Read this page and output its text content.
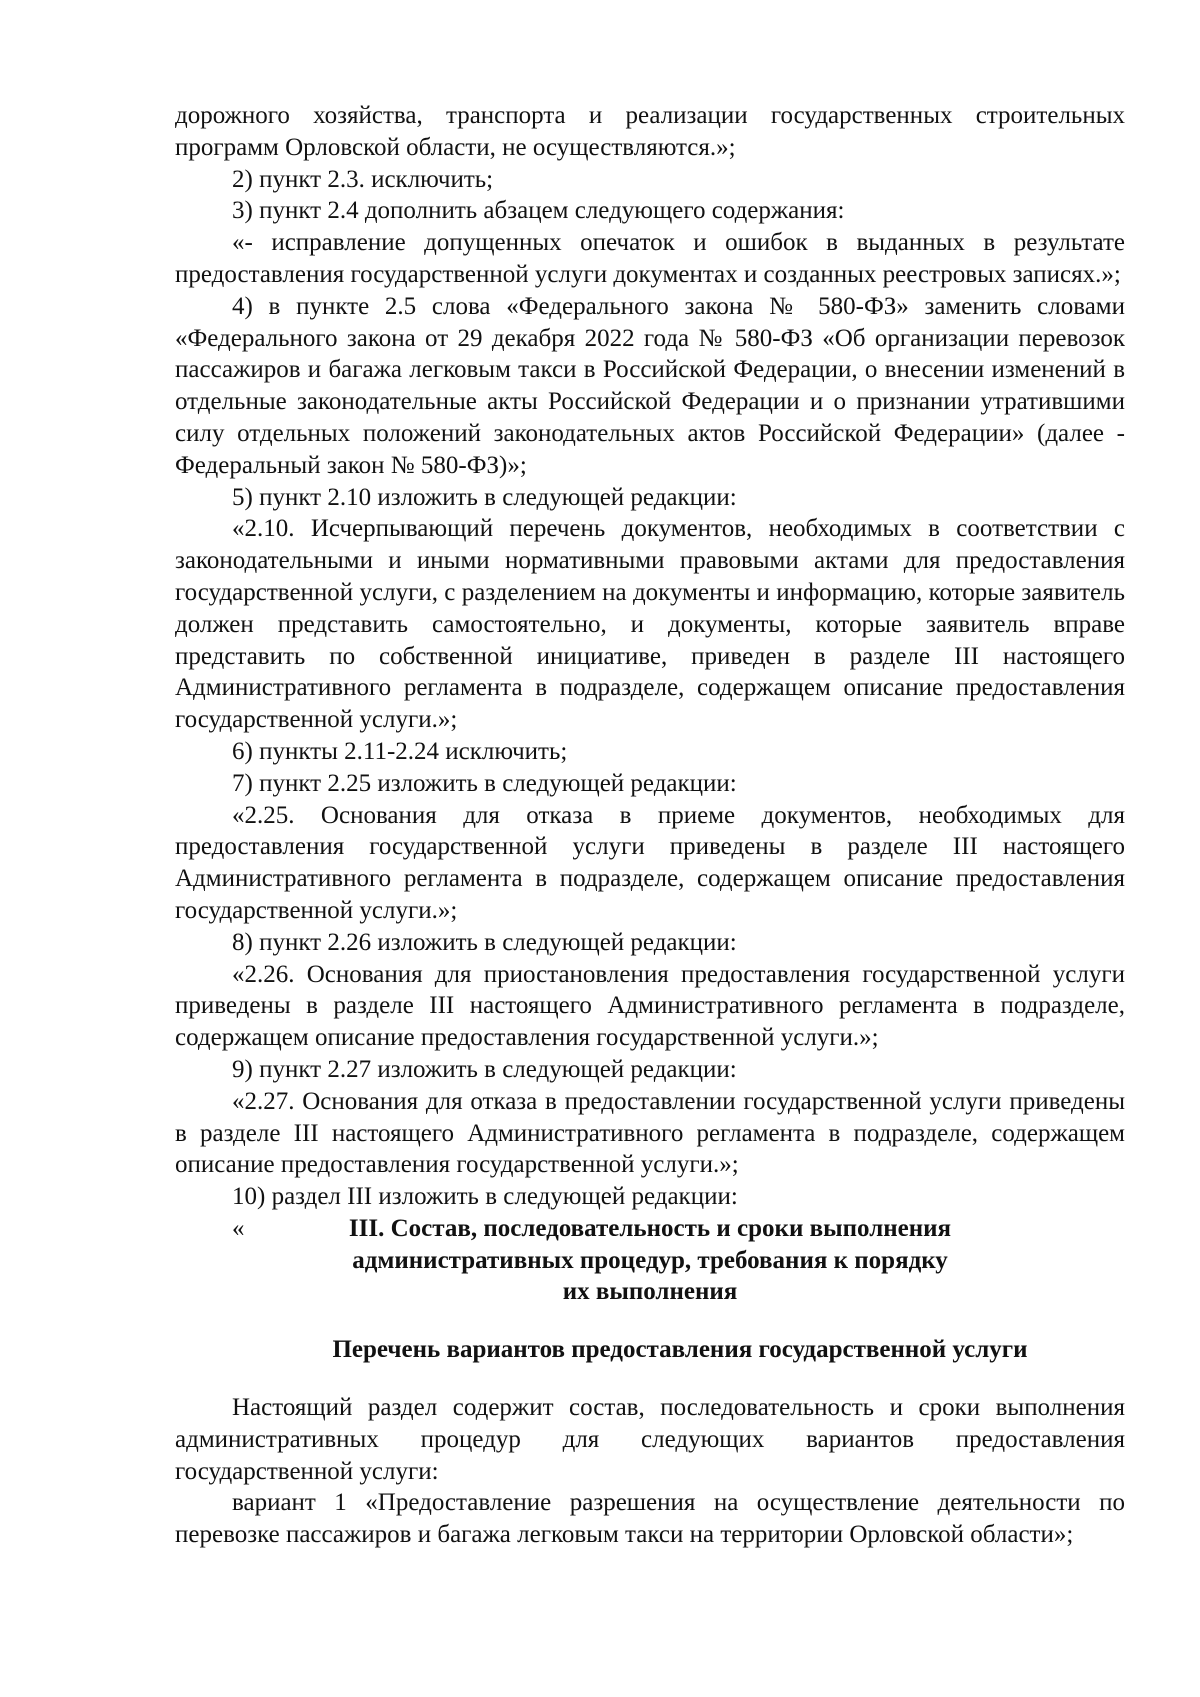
дорожного хозяйства, транспорта и реализации государственных строительных программ Орловской области, не осуществляются.»;

2) пункт 2.3. исключить;

3) пункт 2.4 дополнить абзацем следующего содержания:

«- исправление допущенных опечаток и ошибок в выданных в результате предоставления государственной услуги документах и созданных реестровых записях.»;

4) в пункте 2.5 слова «Федерального закона № 580-ФЗ» заменить словами «Федерального закона от 29 декабря 2022 года № 580-ФЗ «Об организации перевозок пассажиров и багажа легковым такси в Российской Федерации, о внесении изменений в отдельные законодательные акты Российской Федерации и о признании утратившими силу отдельных положений законодательных актов Российской Федерации» (далее - Федеральный закон № 580-ФЗ)»;

5) пункт 2.10 изложить в следующей редакции:

«2.10. Исчерпывающий перечень документов, необходимых в соответствии с законодательными и иными нормативными правовыми актами для предоставления государственной услуги, с разделением на документы и информацию, которые заявитель должен представить самостоятельно, и документы, которые заявитель вправе представить по собственной инициативе, приведен в разделе III настоящего Административного регламента в подразделе, содержащем описание предоставления государственной услуги.»;

6) пункты 2.11-2.24 исключить;

7) пункт 2.25 изложить в следующей редакции:

«2.25. Основания для отказа в приеме документов, необходимых для предоставления государственной услуги приведены в разделе III настоящего Административного регламента в подразделе, содержащем описание предоставления государственной услуги.»;

8) пункт 2.26 изложить в следующей редакции:

«2.26. Основания для приостановления предоставления государственной услуги приведены в разделе III настоящего Административного регламента в подразделе, содержащем описание предоставления государственной услуги.»;

9) пункт 2.27 изложить в следующей редакции:

«2.27. Основания для отказа в предоставлении государственной услуги приведены в разделе III настоящего Административного регламента в подразделе, содержащем описание предоставления государственной услуги.»;

10) раздел III изложить в следующей редакции:

«	III. Состав, последовательность и сроки выполнения
административных процедур, требования к порядку
их выполнения
Перечень вариантов предоставления государственной услуги

Настоящий раздел содержит состав, последовательность и сроки выполнения административных процедур для следующих вариантов предоставления государственной услуги:

вариант 1 «Предоставление разрешения на осуществление деятельности по перевозке пассажиров и багажа легковым такси на территории Орловской области»;
